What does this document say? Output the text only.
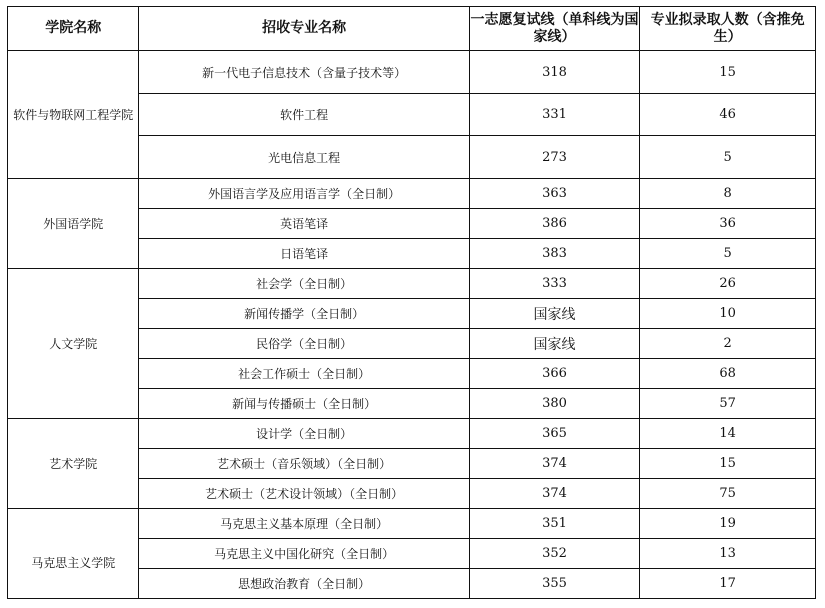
学院名称	招收专业名称	一志愿复试线（单科线为国家线）	专业拟录取人数（含推免生）
软件与物联网工程学院	新一代电子信息技术（含量子技术等）	318	15
	软件工程	331	46
	光电信息工程	273	5
外国语学院	外国语言学及应用语言学（全日制）	363	8
	英语笔译	386	36
	日语笔译	383	5
人文学院	社会学（全日制）	333	26
	新闻传播学（全日制）	国家线	10
	民俗学（全日制）	国家线	2
	社会工作硕士（全日制）	366	68
	新闻与传播硕士（全日制）	380	57
艺术学院	设计学（全日制）	365	14
	艺术硕士（音乐领域）（全日制）	374	15
	艺术硕士（艺术设计领域）（全日制）	374	75
马克思主义学院	马克思主义基本原理（全日制）	351	19
	马克思主义中国化研究（全日制）	352	13
	思想政治教育（全日制）	355	17
